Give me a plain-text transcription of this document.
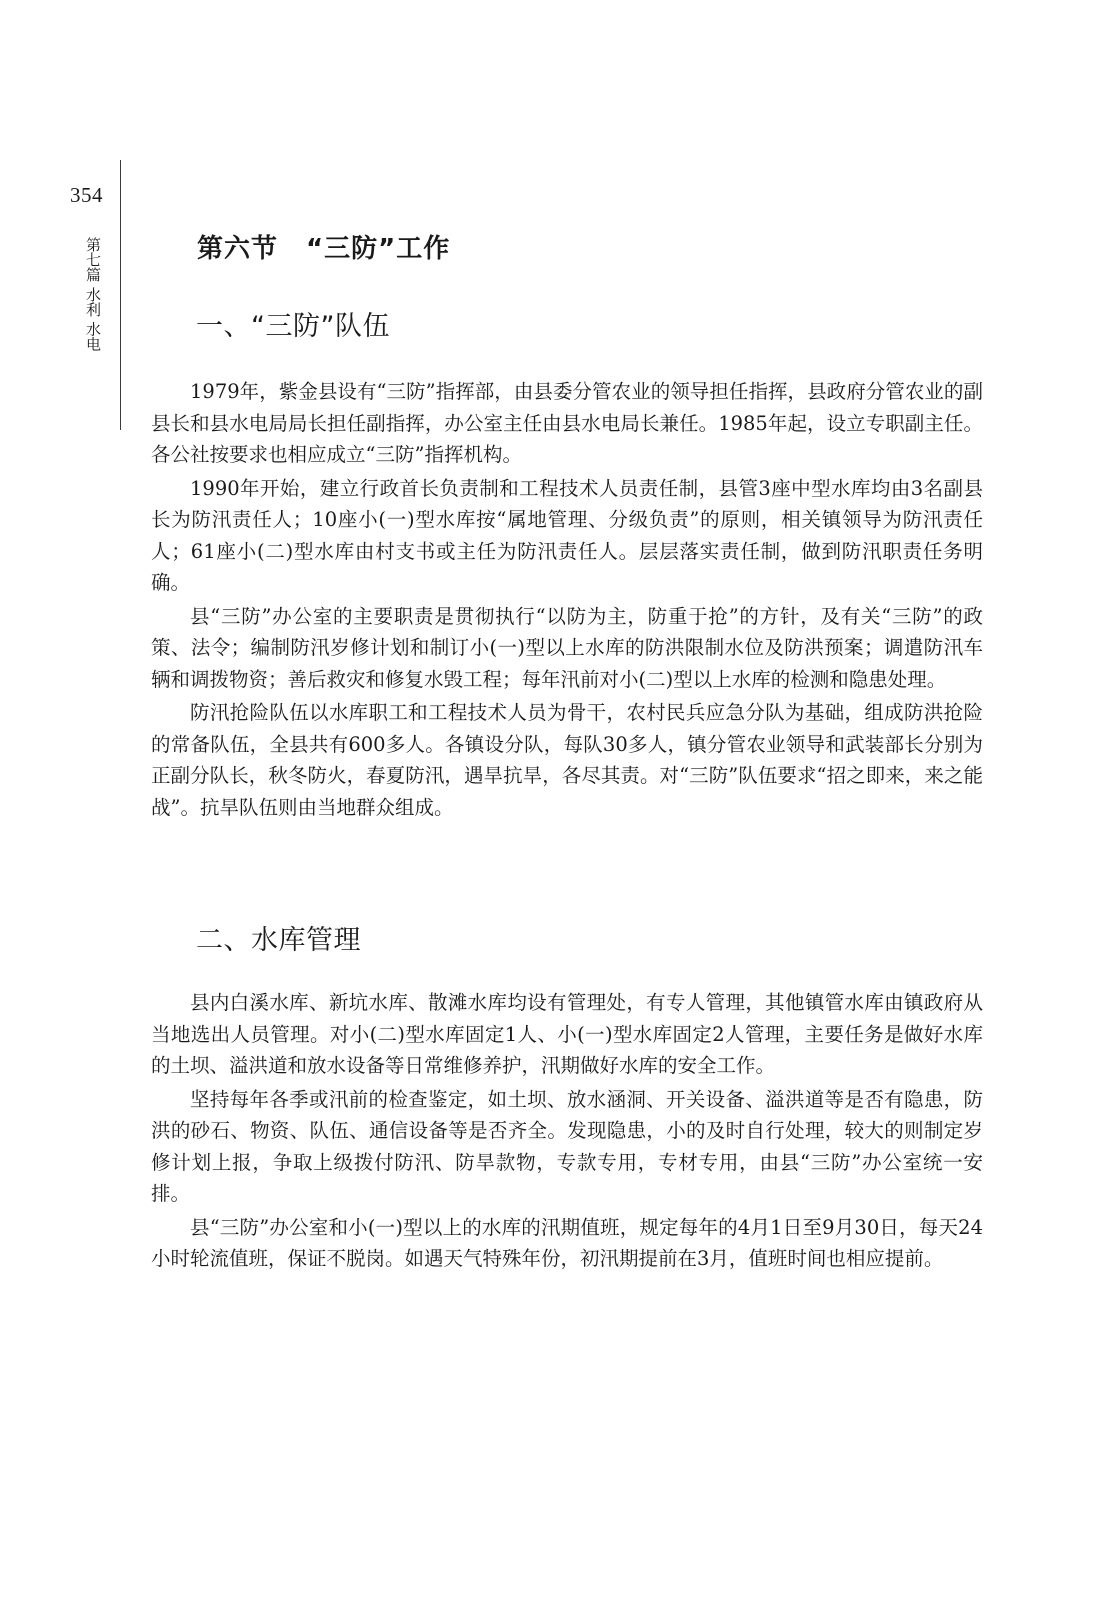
354
第七篇 水利 水电	第六节 “三防”工作
一、“三防”队伍

1979年，紫金县设有“三防”指挥部，由县委分管农业的领导担任指挥，县政府分管农业的副县长和县水电局局长担任副指挥，办公室主任由县水电局长兼任。1985年起，设立专职副主任。各公社按要求也相应成立“三防”指挥机构。

1990年开始，建立行政首长负责制和工程技术人员责任制，县管3座中型水库均由3名副县长为防汛责任人；10座小(一)型水库按“属地管理、分级负责”的原则，相关镇领导为防汛责任人；61座小(二)型水库由村支书或主任为防汛责任人。层层落实责任制，做到防汛职责任务明确。

县“三防”办公室的主要职责是贯彻执行“以防为主，防重于抢”的方针，及有关“三防”的政策、法令；编制防汛岁修计划和制订小(一)型以上水库的防洪限制水位及防洪预案；调遣防汛车辆和调拨物资；善后救灾和修复水毁工程；每年汛前对小(二)型以上水库的检测和隐患处理。

防汛抢险队伍以水库职工和工程技术人员为骨干，农村民兵应急分队为基础，组成防洪抢险的常备队伍，全县共有600多人。各镇设分队，每队30多人，镇分管农业领导和武装部长分别为正副分队长，秋冬防火，春夏防汛，遇旱抗旱，各尽其责。对“三防”队伍要求“招之即来，来之能战”。抗旱队伍则由当地群众组成。

二、水库管理

县内白溪水库、新坑水库、散滩水库均设有管理处，有专人管理，其他镇管水库由镇政府从当地选出人员管理。对小(二)型水库固定1人、小(一)型水库固定2人管理，主要任务是做好水库的土坝、溢洪道和放水设备等日常维修养护，汛期做好水库的安全工作。

坚持每年各季或汛前的检查鉴定，如土坝、放水涵洞、开关设备、溢洪道等是否有隐患，防洪的砂石、物资、队伍、通信设备等是否齐全。发现隐患，小的及时自行处理，较大的则制定岁修计划上报，争取上级拨付防汛、防旱款物，专款专用，专材专用，由县“三防”办公室统一安排。

县“三防”办公室和小(一)型以上的水库的汛期值班，规定每年的4月1日至9月30日，每天24小时轮流值班，保证不脱岗。如遇天气特殊年份，初汛期提前在3月，值班时间也相应提前。
